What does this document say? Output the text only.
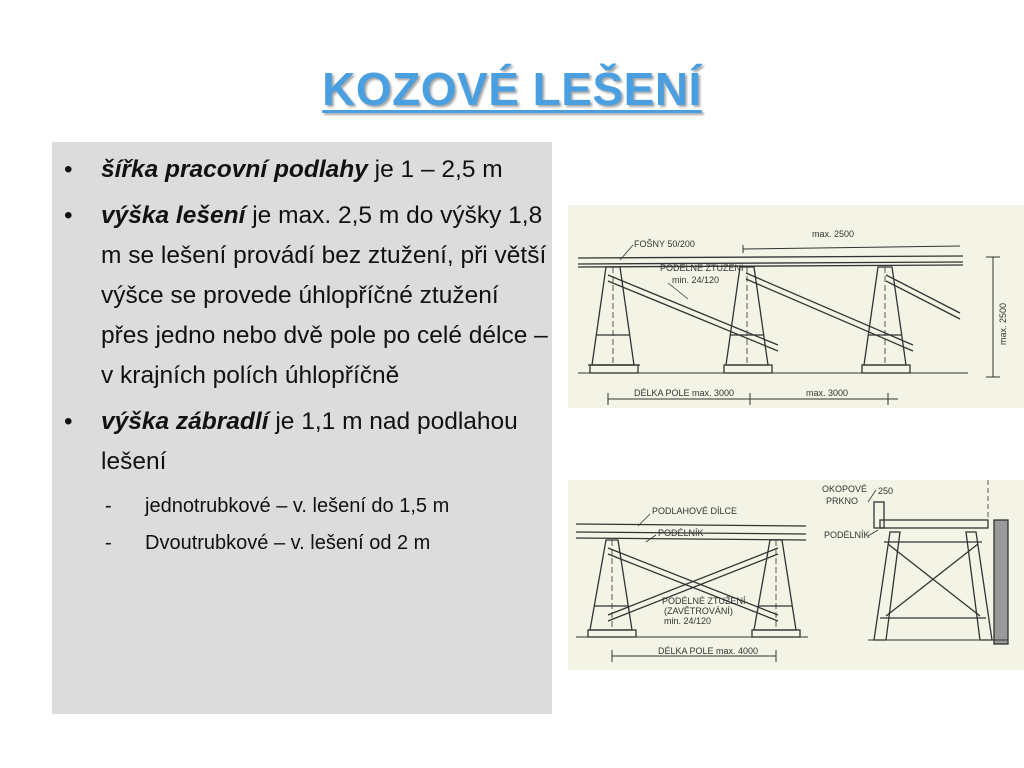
KOZOVÉ LEŠENÍ
• šířka pracovní podlahy je 1 – 2,5 m
• výška lešení je max. 2,5 m do výšky 1,8 m se lešení provádí bez ztužení, při větší výšce se provede úhlopříčné ztužení přes jedno nebo dvě pole po celé délce – v krajních polích úhlopříčně
• výška zábradlí je 1,1 m nad podlahou lešení
- jednotrubkové – v. lešení do 1,5 m
- Dvoutrubkové – v. lešení od 2 m
FOŠNY 50/200
max. 2500
PODÉLNÉ ZTUŽENÍ
min. 24/120
DÉLKA POLE max. 3000	max. 3000
max. 2500
PODLAHOVÉ DÍLCE
PODÉLNÍK
PODÉLNÉ ZTUŽENÍ
(ZAVĚTROVÁNÍ)
min. 24/120
DÉLKA POLE max. 4000
OKOPOVÉ
PRKNO
250
PODÉLNÍK
